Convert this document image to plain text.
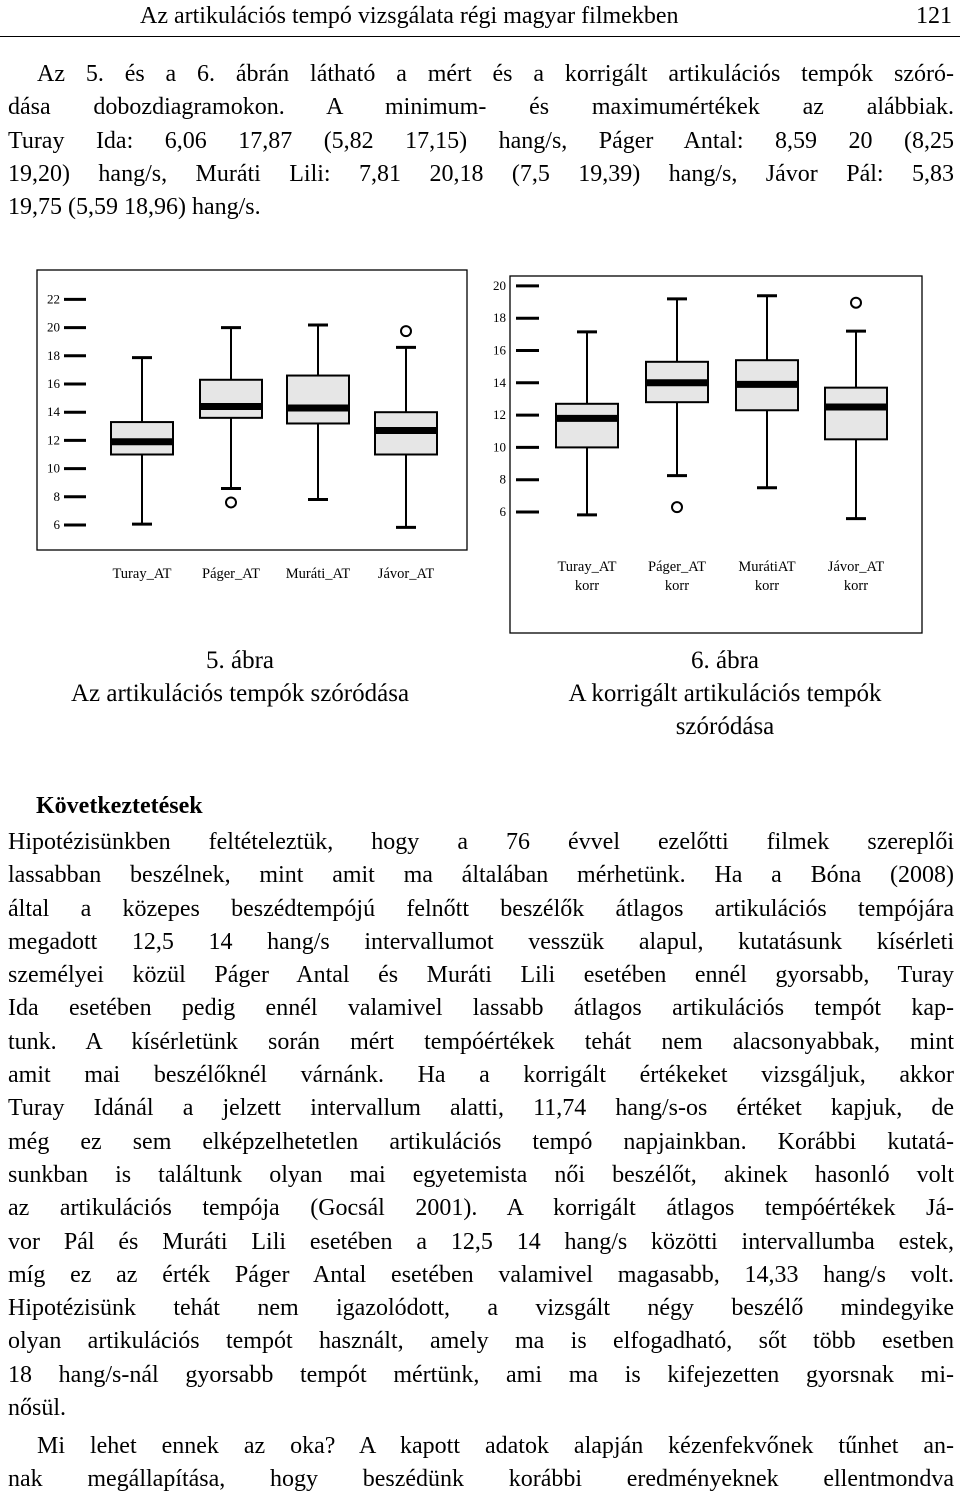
Az artikulációs tempó vizsgálata régi magyar filmekben	121
Az 5. és a 6. ábrán látható a mért és a korrigált artikulációs tempók szóró-
dása dobozdiagramokon. A minimum- és maximumértékek az alábbiak.
Turay Ida: 6,06 17,87 (5,82 17,15) hang/s, Páger Antal: 8,59 20 (8,25
19,20) hang/s, Muráti Lili: 7,81 20,18 (7,5 19,39) hang/s, Jávor Pál: 5,83
19,75 (5,59 18,96) hang/s.
22
20
18
16
14
12
10
8
6
Turay_AT Páger_AT Muráti_AT Jávor_AT
20
18
16
14
12
10
8
6
Turay_AT
korr
Páger_AT
korr
MurátiAT
korr
Jávor_AT
korr
5. ábra
Az artikulációs tempók szóródása
6. ábra
A korrigált artikulációs tempók
szóródása
Következtetések
Hipotézisünkben feltételeztük, hogy a 76 évvel ezelőtti filmek szereplői
lassabban beszélnek, mint amit ma általában mérhetünk. Ha a Bóna (2008)
által a közepes beszédtempójú felnőtt beszélők átlagos artikulációs tempójára
megadott 12,5 14 hang/s intervallumot vesszük alapul, kutatásunk kísérleti
személyei közül Páger Antal és Muráti Lili esetében ennél gyorsabb, Turay
Ida esetében pedig ennél valamivel lassabb átlagos artikulációs tempót kap-
tunk. A kísérletünk során mért tempóértékek tehát nem alacsonyabbak, mint
amit mai beszélőknél várnánk. Ha a korrigált értékeket vizsgáljuk, akkor
Turay Idánál a jelzett intervallum alatti, 11,74 hang/s-os értéket kapjuk, de
még ez sem elképzelhetetlen artikulációs tempó napjainkban. Korábbi kutatá-
sunkban is találtunk olyan mai egyetemista női beszélőt, akinek hasonló volt
az artikulációs tempója (Gocsál 2001). A korrigált átlagos tempóértékek Já-
vor Pál és Muráti Lili esetében a 12,5 14 hang/s közötti intervallumba estek,
míg ez az érték Páger Antal esetében valamivel magasabb, 14,33 hang/s volt.
Hipotézisünk tehát nem igazolódott, a vizsgált négy beszélő mindegyike
olyan artikulációs tempót használt, amely ma is elfogadható, sőt több esetben
18 hang/s-nál gyorsabb tempót mértünk, ami ma is kifejezetten gyorsnak mi-
nősül.
Mi lehet ennek az oka? A kapott adatok alapján kézenfekvőnek tűnhet an-
nak megállapítása, hogy beszédünk korábbi eredményeknek ellentmondva
